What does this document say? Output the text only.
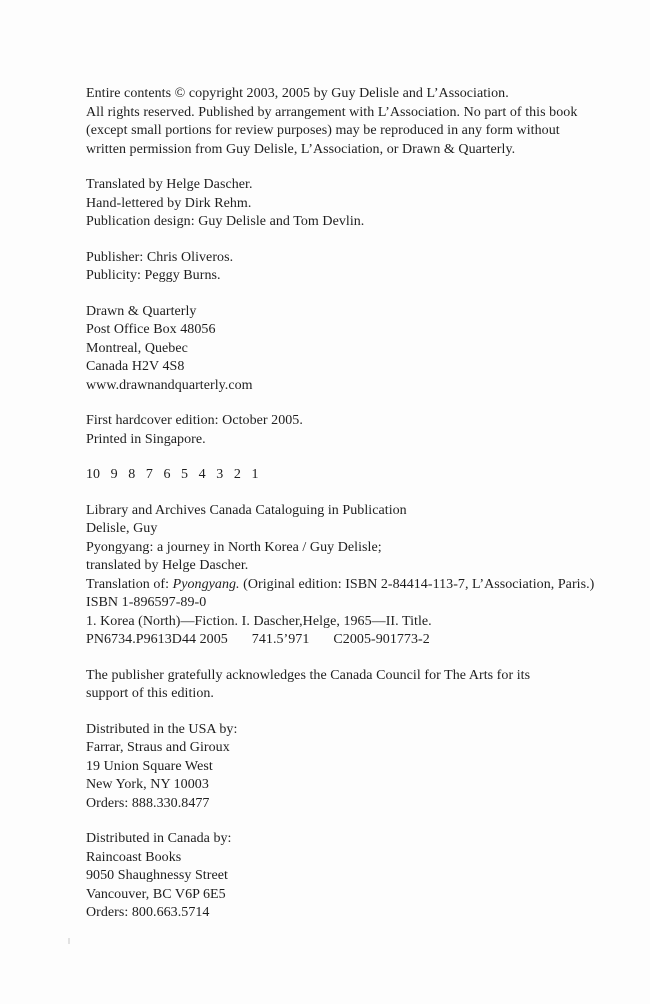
Entire contents © copyright 2003, 2005 by Guy Delisle and L’Association.
All rights reserved. Published by arrangement with L’Association. No part of this book
(except small portions for review purposes) may be reproduced in any form without
written permission from Guy Delisle, L’Association, or Drawn & Quarterly.
Translated by Helge Dascher.
Hand-lettered by Dirk Rehm.
Publication design: Guy Delisle and Tom Devlin.
Publisher: Chris Oliveros.
Publicity: Peggy Burns.
Drawn & Quarterly
Post Office Box 48056
Montreal, Quebec
Canada H2V 4S8
www.drawnandquarterly.com
First hardcover edition: October 2005.
Printed in Singapore.
10 9 8 7 6 5 4 3 2 1
Library and Archives Canada Cataloguing in Publication
Delisle, Guy
Pyongyang: a journey in North Korea / Guy Delisle;
translated by Helge Dascher.
Translation of: Pyongyang. (Original edition: ISBN 2-84414-113-7, L’Association, Paris.)
ISBN 1-896597-89-0
1. Korea (North)—Fiction. I. Dascher,Helge, 1965—II. Title.
PN6734.P9613D44 2005 741.5’971 C2005-901773-2
The publisher gratefully acknowledges the Canada Council for The Arts for its
support of this edition.
Distributed in the USA by:
Farrar, Straus and Giroux
19 Union Square West
New York, NY 10003
Orders: 888.330.8477
Distributed in Canada by:
Raincoast Books
9050 Shaughnessy Street
Vancouver, BC V6P 6E5
Orders: 800.663.5714
